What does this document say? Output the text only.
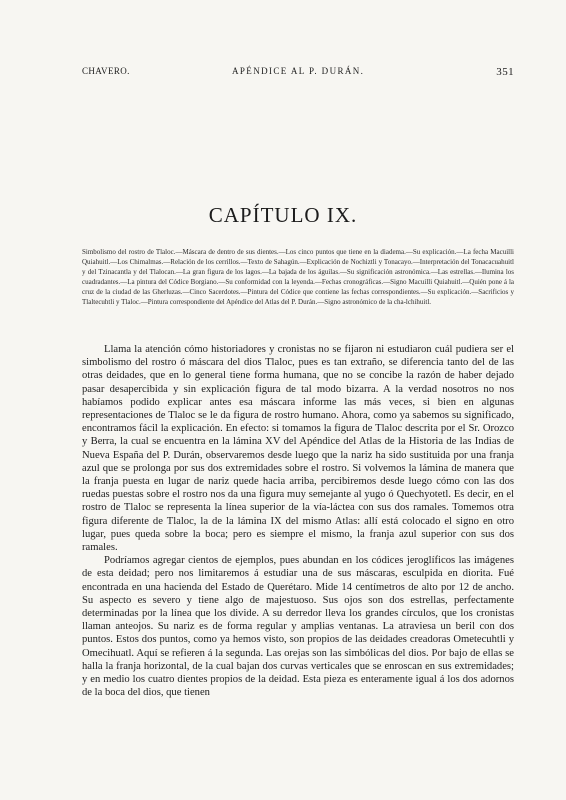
CHAVERO.	APÉNDICE AL P. DURÁN.	351
CAPÍTULO IX.
Simbolismo del rostro de Tlaloc.—Máscara de dentro de sus dientes.—Los cinco puntos que tiene en la diadema.—Su explicación.—La fecha Macuilli Quiahuitl.—Los Chimalmas.—Relación de los cerrillos.—Texto de Sahagún.—Explicación de Nochiztli y Tonacayo.—Interpretación del Tonacacuahuitl y del Tzinacantla y del Tlalocan.—La gran figura de los lagos.—La bajada de los águilas.—Su significación astronómica.—Las estrellas.—Ilumina los cuadradantes.—La pintura del Códice Borgiano.—Su conformidad con la leyenda.—Fechas cronográficas.—Signo Macuilli Quiahuitl.—Quién pone á la cruz de la ciudad de las Gherluzas.—Cinco Sacerdotes.—Pintura del Códice que contiene las fechas correspondientes.—Su explicación.—Sacrificios y Tlaltecuhtli y Tlaloc.—Pintura correspondiente del Apéndice del Atlas del P. Durán.—Signo astronómico de la cha-lchihuitl.

Llama la atención cómo historiadores y cronistas no se fijaron ni estudiaron cuál pudiera ser el simbolismo del rostro ó máscara del dios Tlaloc, pues es tan extraño, se diferencia tanto del de las otras deidades, que en lo general tiene forma humana, que no se concibe la razón de haber dejado pasar desapercibida y sin explicación figura de tal modo bizarra. A la verdad nosotros no nos habíamos podido explicar antes esa máscara informe las más veces, si bien en algunas representaciones de Tlaloc se le da figura de rostro humano. Ahora, como ya sabemos su significado, encontramos fácil la explicación. En efecto: si tomamos la figura de Tlaloc descrita por el Sr. Orozco y Berra, la cual se encuentra en la lámina XV del Apéndice del Atlas de la Historia de las Indias de Nueva España del P. Durán, observaremos desde luego que la nariz ha sido sustituida por una franja azul que se prolonga por sus dos extremidades sobre el rostro. Si volvemos la lámina de manera que la franja puesta en lugar de nariz quede hacia arriba, percibiremos desde luego cómo con las dos ruedas puestas sobre el rostro nos da una figura muy semejante al yugo ó Quechyotetl. Es decir, en el rostro de Tlaloc se representa la línea superior de la vía-láctea con sus dos ramales. Tomemos otra figura diferente de Tlaloc, la de la lámina IX del mismo Atlas: allí está colocado el signo en otro lugar, pues queda sobre la boca; pero es siempre el mismo, la franja azul superior con sus dos ramales.

Podríamos agregar cientos de ejemplos, pues abundan en los códices jeroglíficos las imágenes de esta deidad; pero nos limitaremos á estudiar una de sus máscaras, esculpida en diorita. Fué encontrada en una hacienda del Estado de Querétaro. Mide 14 centímetros de alto por 12 de ancho. Su aspecto es severo y tiene algo de majestuoso. Sus ojos son dos estrellas, perfectamente determinadas por la línea que los divide. A su derredor lleva los grandes círculos, que los cronistas llaman anteojos. Su nariz es de forma regular y amplias ventanas. La atraviesa un beril con dos puntos. Estos dos puntos, como ya hemos visto, son propios de las deidades creadoras Ometecuhtli y Omecihuatl. Aquí se refieren á la segunda. Las orejas son las simbólicas del dios. Por bajo de ellas se halla la franja horizontal, de la cual bajan dos curvas verticales que se enroscan en sus extremidades; y en medio los cuatro dientes propios de la deidad. Esta pieza es enteramente igual á los dos adornos de la boca del dios, que tienen
